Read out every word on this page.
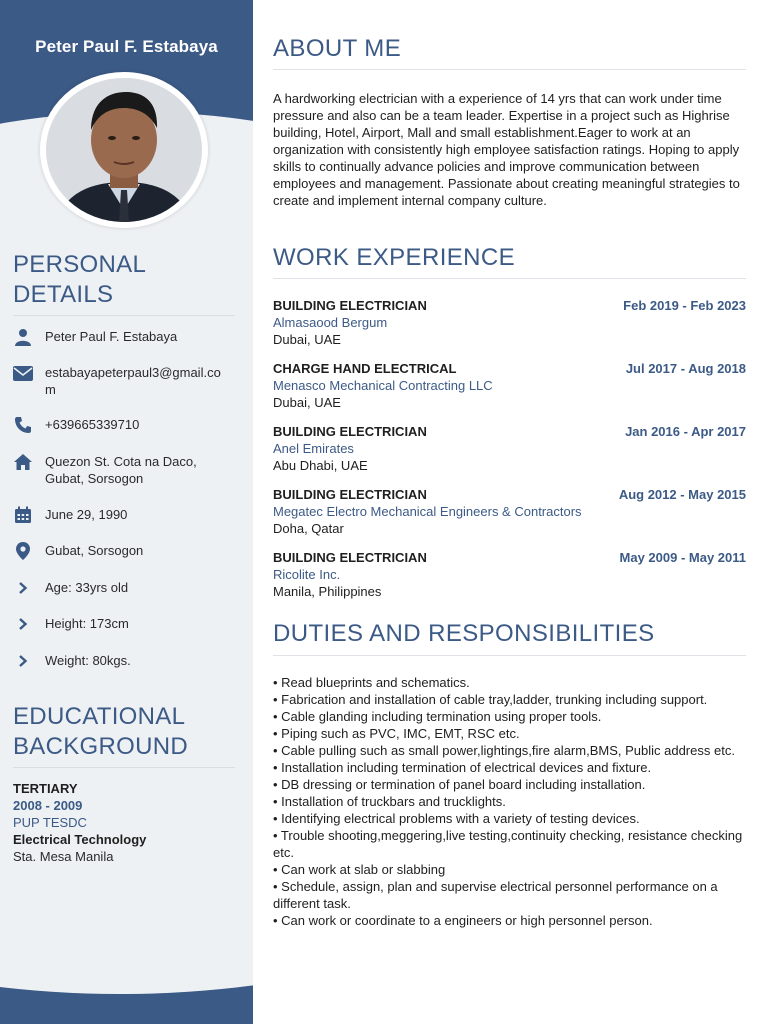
Peter Paul F. Estabaya
PERSONAL
DETAILS
Peter Paul F. Estabaya
estabayapeterpaul3@gmail.com
+639665339710
Quezon St. Cota na Daco, Gubat, Sorsogon
June 29, 1990
Gubat, Sorsogon
Age: 33yrs old
Height: 173cm
Weight: 80kgs.
EDUCATIONAL
BACKGROUND
TERTIARY
2008 - 2009
PUP TESDC
Electrical Technology
Sta. Mesa Manila
ABOUT ME
A hardworking electrician with a experience of 14 yrs that can work under time pressure and also can be a team leader. Expertise in a project such as Highrise building, Hotel, Airport, Mall and small establishment.Eager to work at an organization with consistently high employee satisfaction ratings. Hoping to apply skills to continually advance policies and improve communication between employees and management. Passionate about creating meaningful strategies to create and implement internal company culture.
WORK EXPERIENCE
BUILDING ELECTRICIAN	Feb 2019 - Feb 2023
Almasaood Bergum
Dubai, UAE
CHARGE HAND ELECTRICAL	Jul 2017 - Aug 2018
Menasco Mechanical Contracting LLC
Dubai, UAE
BUILDING ELECTRICIAN	Jan 2016 - Apr 2017
Anel Emirates
Abu Dhabi, UAE
BUILDING ELECTRICIAN	Aug 2012 - May 2015
Megatec Electro Mechanical Engineers & Contractors
Doha, Qatar
BUILDING ELECTRICIAN	May 2009 - May 2011
Ricolite Inc.
Manila, Philippines
DUTIES AND RESPONSIBILITIES
• Read blueprints and schematics.
• Fabrication and installation of cable tray,ladder, trunking including support.
• Cable glanding including termination using proper tools.
• Piping such as PVC, IMC, EMT, RSC etc.
• Cable pulling such as small power,lightings,fire alarm,BMS, Public address etc.
• Installation including termination of electrical devices and fixture.
• DB dressing or termination of panel board including installation.
• Installation of truckbars and trucklights.
• Identifying electrical problems with a variety of testing devices.
• Trouble shooting,meggering,live testing,continuity checking, resistance checking etc.
• Can work at slab or slabbing
• Schedule, assign, plan and supervise electrical personnel performance on a different task.
• Can work or coordinate to a engineers or high personnel person.
